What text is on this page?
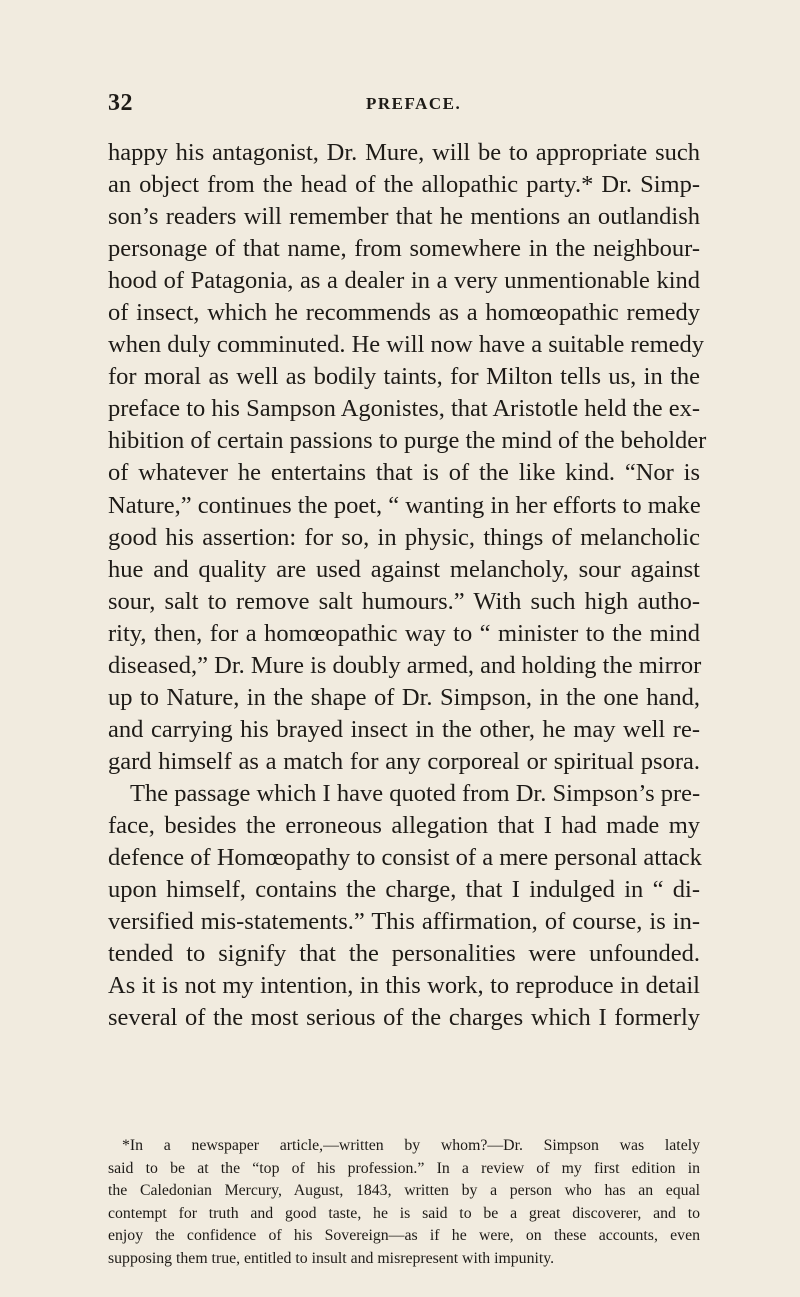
32	PREFACE.
happy his antagonist, Dr. Mure, will be to appropriate such
an object from the head of the allopathic party.* Dr. Simp-
son’s readers will remember that he mentions an outlandish
personage of that name, from somewhere in the neighbour-
hood of Patagonia, as a dealer in a very unmentionable kind
of insect, which he recommends as a homœopathic remedy
when duly comminuted. He will now have a suitable remedy
for moral as well as bodily taints, for Milton tells us, in the
preface to his Sampson Agonistes, that Aristotle held the ex-
hibition of certain passions to purge the mind of the beholder
of whatever he entertains that is of the like kind. “Nor is
Nature,” continues the poet, “ wanting in her efforts to make
good his assertion: for so, in physic, things of melancholic
hue and quality are used against melancholy, sour against
sour, salt to remove salt humours.” With such high autho-
rity, then, for a homœopathic way to “ minister to the mind
diseased,” Dr. Mure is doubly armed, and holding the mirror
up to Nature, in the shape of Dr. Simpson, in the one hand,
and carrying his brayed insect in the other, he may well re-
gard himself as a match for any corporeal or spiritual psora.
The passage which I have quoted from Dr. Simpson’s pre-
face, besides the erroneous allegation that I had made my
defence of Homœopathy to consist of a mere personal attack
upon himself, contains the charge, that I indulged in “ di-
versified mis-statements.” This affirmation, of course, is in-
tended to signify that the personalities were unfounded.
As it is not my intention, in this work, to reproduce in detail
several of the most serious of the charges which I formerly
*In a newspaper article,—written by whom?—Dr. Simpson was lately
said to be at the “top of his profession.” In a review of my first edition in
the Caledonian Mercury, August, 1843, written by a person who has an equal
contempt for truth and good taste, he is said to be a great discoverer, and to
enjoy the confidence of his Sovereign—as if he were, on these accounts, even
supposing them true, entitled to insult and misrepresent with impunity.
